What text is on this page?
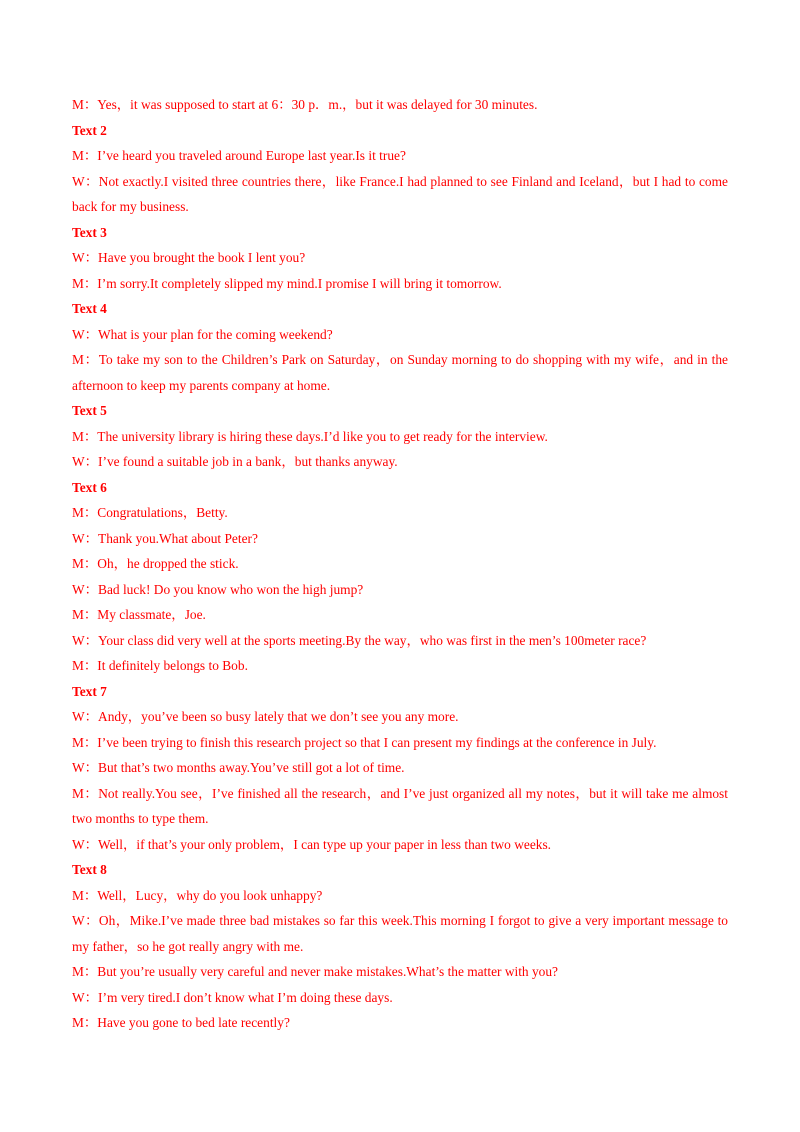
M：Yes，it was supposed to start at 6：30 p．m.，but it was delayed for 30 minutes.

Text 2

M：I’ve heard you traveled around Europe last year.Is it true?

W：Not exactly.I visited three countries there，like France.I had planned to see Finland and Iceland，but I had to come back for my business.

Text 3

W：Have you brought the book I lent you?

M：I’m sorry.It completely slipped my mind.I promise I will bring it tomorrow.

Text 4

W：What is your plan for the coming weekend?

M：To take my son to the Children’s Park on Saturday，on Sunday morning to do shopping with my wife，and in the afternoon to keep my parents company at home.

Text 5

M：The university library is hiring these days.I’d like you to get ready for the interview.

W：I’ve found a suitable job in a bank，but thanks anyway.

Text 6

M：Congratulations，Betty.

W：Thank you.What about Peter?

M：Oh，he dropped the stick.

W：Bad luck! Do you know who won the high jump?

M：My classmate，Joe.

W：Your class did very well at the sports meeting.By the way，who was first in the men’s 100meter race?

M：It definitely belongs to Bob.

Text 7

W：Andy，you’ve been so busy lately that we don’t see you any more.

M：I’ve been trying to finish this research project so that I can present my findings at the conference in July.

W：But that’s two months away.You’ve still got a lot of time.

M：Not really.You see，I’ve finished all the research，and I’ve just organized all my notes，but it will take me almost two months to type them.

W：Well，if that’s your only problem，I can type up your paper in less than two weeks.

Text 8

M：Well，Lucy，why do you look unhappy?

W：Oh，Mike.I’ve made three bad mistakes so far this week.This morning I forgot to give a very important message to my father，so he got really angry with me.

M：But you’re usually very careful and never make mistakes.What’s the matter with you?

W：I’m very tired.I don’t know what I’m doing these days.

M：Have you gone to bed late recently?
